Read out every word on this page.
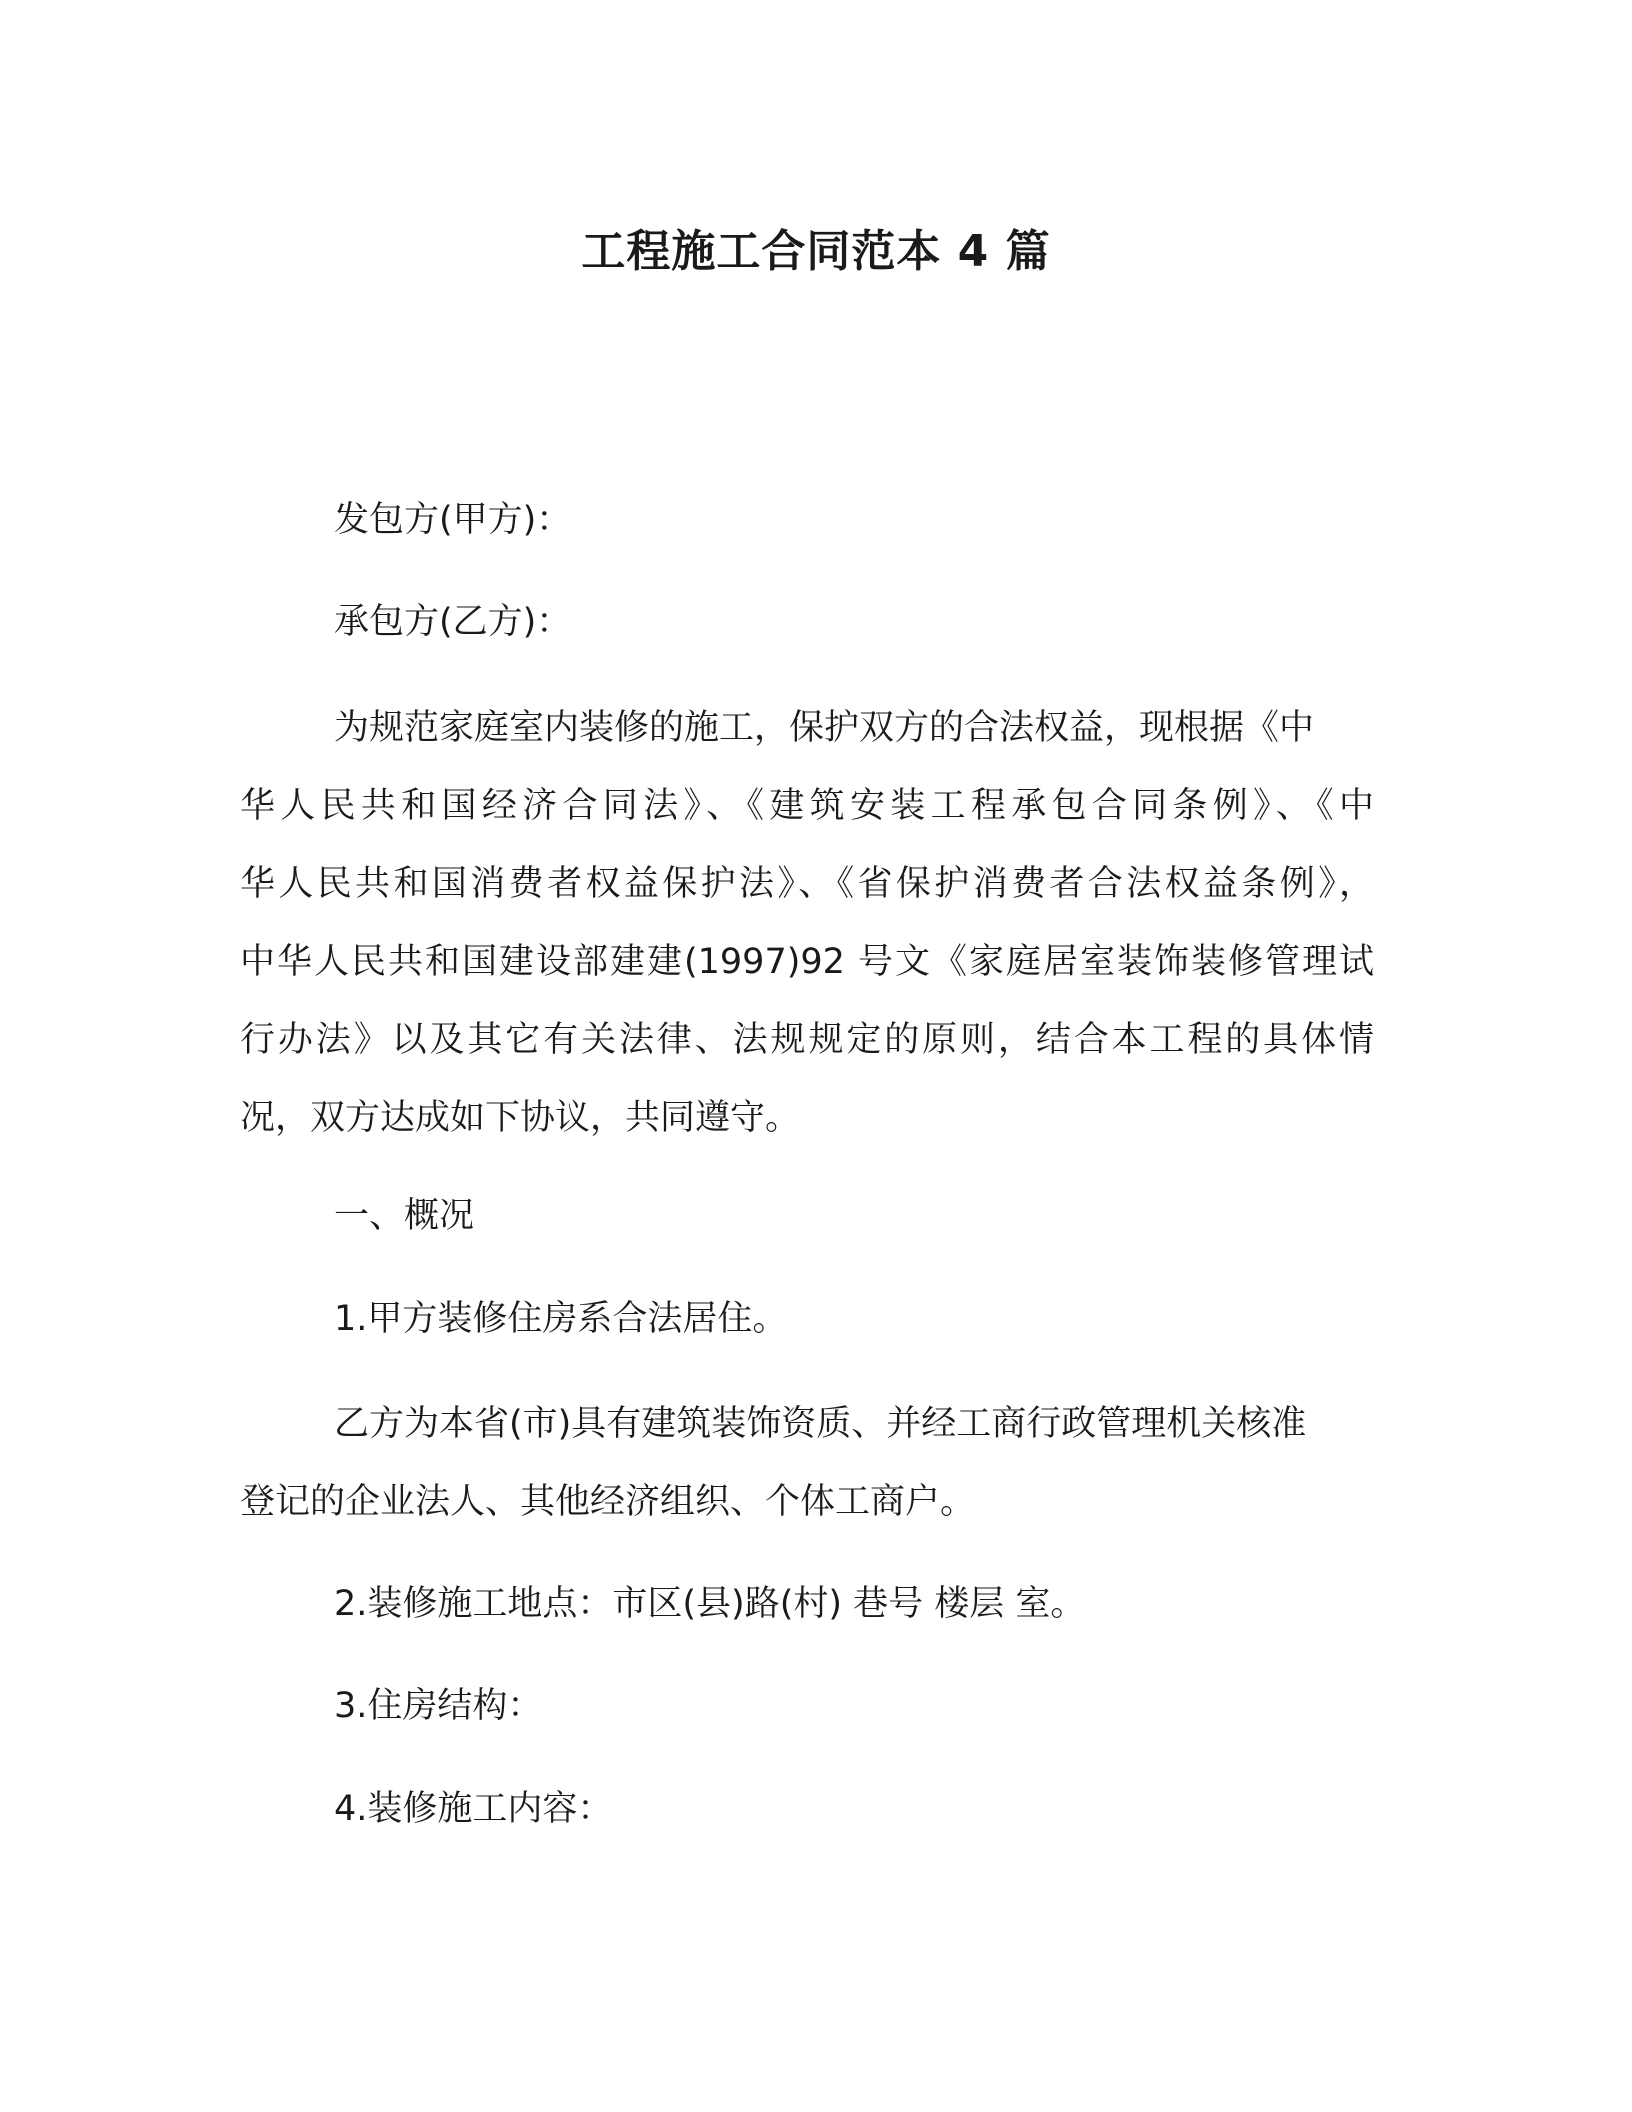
工程施工合同范本 4 篇
发包方(甲方)：
承包方(乙方)：
为规范家庭室内装修的施工，保护双方的合法权益，现根据《中
华人民共和国经济合同法》、《建筑安装工程承包合同条例》、《中
华人民共和国消费者权益保护法》、《省保护消费者合法权益条例》，
中华人民共和国建设部建建(1997)92 号文《家庭居室装饰装修管理试
行办法》以及其它有关法律、法规规定的原则，结合本工程的具体情
况，双方达成如下协议，共同遵守。
一、概况
1.甲方装修住房系合法居住。
乙方为本省(市)具有建筑装饰资质、并经工商行政管理机关核准
登记的企业法人、其他经济组织、个体工商户。
2.装修施工地点：市区(县)路(村) 巷号 楼层 室。
3.住房结构：
4.装修施工内容：
